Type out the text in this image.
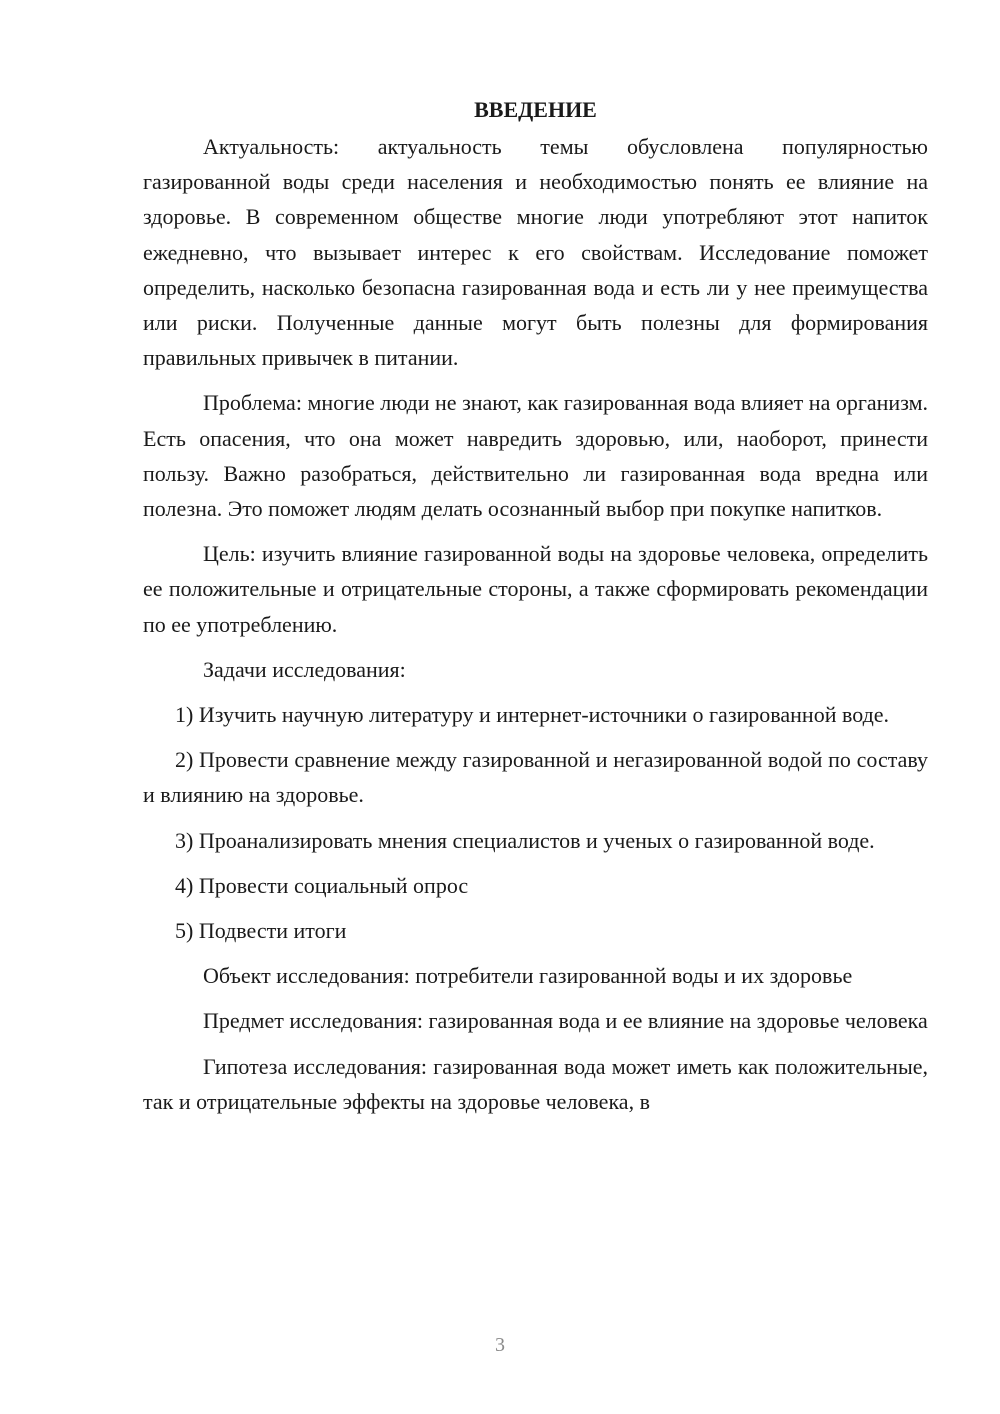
ВВЕДЕНИЕ

Актуальность: актуальность темы обусловлена популярностью газированной воды среди населения и необходимостью понять ее влияние на здоровье. В современном обществе многие люди употребляют этот напиток ежедневно, что вызывает интерес к его свойствам. Исследование поможет определить, насколько безопасна газированная вода и есть ли у нее преимущества или риски. Полученные данные могут быть полезны для формирования правильных привычек в питании.

Проблема: многие люди не знают, как газированная вода влияет на организм. Есть опасения, что она может навредить здоровью, или, наоборот, принести пользу. Важно разобраться, действительно ли газированная вода вредна или полезна. Это поможет людям делать осознанный выбор при покупке напитков.

Цель: изучить влияние газированной воды на здоровье человека, определить ее положительные и отрицательные стороны, а также сформировать рекомендации по ее употреблению.

Задачи исследования:

1) Изучить научную литературу и интернет-источники о газированной воде.

2) Провести сравнение между газированной и негазированной водой по составу и влиянию на здоровье.

3) Проанализировать мнения специалистов и ученых о газированной воде.

4) Провести социальный опрос

5) Подвести итоги

Объект исследования: потребители газированной воды и их здоровье

Предмет исследования: газированная вода и ее влияние на здоровье человека

Гипотеза исследования: газированная вода может иметь как положительные, так и отрицательные эффекты на здоровье человека, в

3
